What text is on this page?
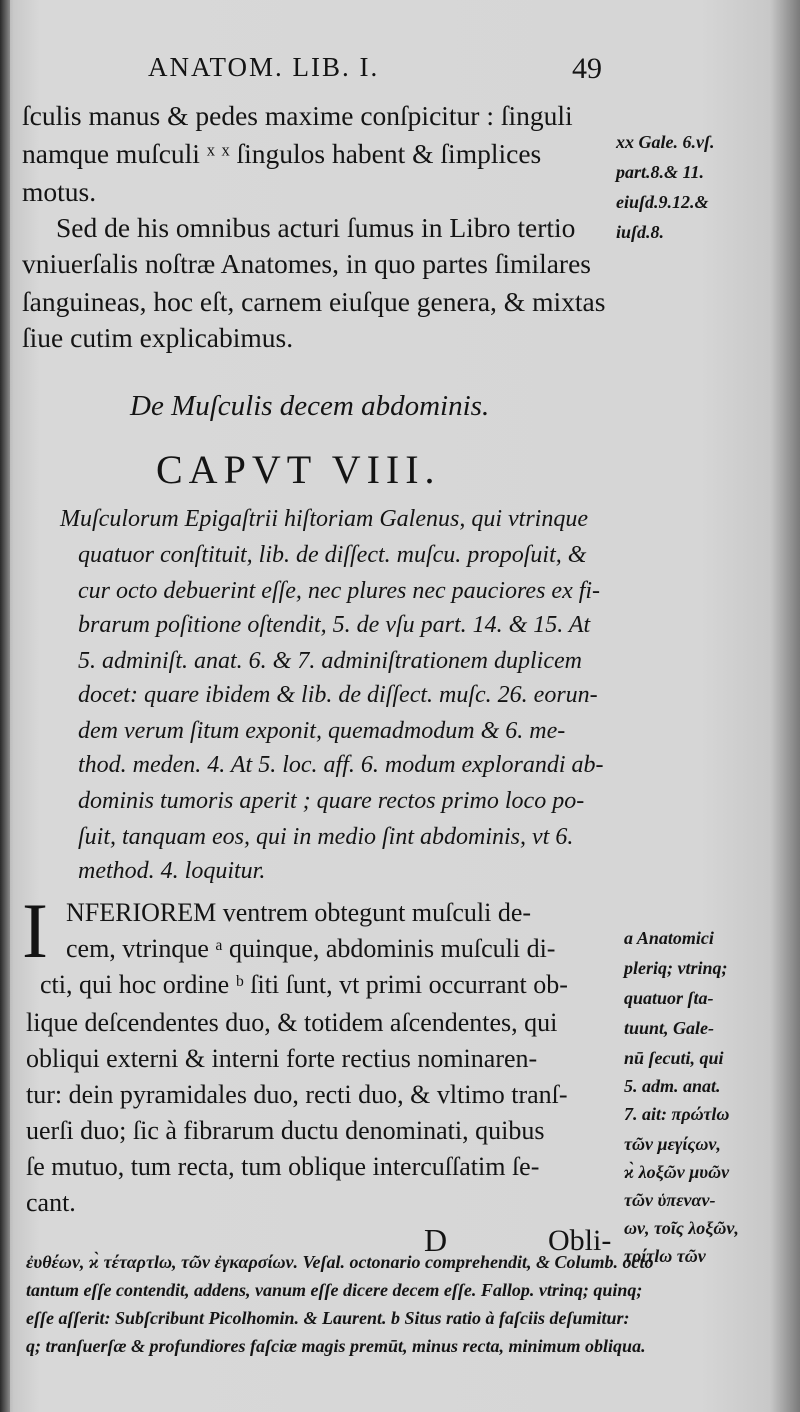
ANATOM. LIB. I.	49
ſculis manus & pedes maxime conſpicitur : ſinguli
namque muſculi ˣ ˣ ſingulos habent & ſimplices
motus.
Sed de his omnibus acturi ſumus in Libro tertio
vniuerſalis noſtræ Anatomes, in quo partes ſimilares
ſanguineas, hoc eſt, carnem eiuſque genera, & mixtas
ſiue cutim explicabimus.
xx Gale. 6.vſ.
part.8.& 11.
eiuſd.9.12.&
iuſd.8.
De Muſculis decem abdominis.
CAPVT VIII.
Muſculorum Epigaſtrii hiſtoriam Galenus, qui vtrinque
quatuor conſtituit, lib. de diſſect. muſcu. propoſuit, &
cur octo debuerint eſſe, nec plures nec pauciores ex fi-
brarum poſitione oſtendit, 5. de vſu part. 14. & 15. At
5. adminiſt. anat. 6. & 7. adminiſtrationem duplicem
docet: quare ibidem & lib. de diſſect. muſc. 26. eorun-
dem verum ſitum exponit, quemadmodum & 6. me-
thod. meden. 4. At 5. loc. aff. 6. modum explorandi ab-
dominis tumoris aperit ; quare rectos primo loco po-
ſuit, tanquam eos, qui in medio ſint abdominis, vt 6.
method. 4. loquitur.
I NFERIOREM ventrem obtegunt muſculi de-
cem, vtrinque ᵃ quinque, abdominis muſculi di-
cti, qui hoc ordine ᵇ ſiti ſunt, vt primi occurrant ob-
lique deſcendentes duo, & totidem aſcendentes, qui
obliqui externi & interni forte rectius nominaren-
tur: dein pyramidales duo, recti duo, & vltimo tranſ-
uerſi duo; ſic à fibrarum ductu denominati, quibus
ſe mutuo, tum recta, tum oblique intercuſſatim ſe-
cant.
a Anatomici
pleriq; vtrinq;
quatuor ſta-
tuunt, Gale-
nū ſecuti, qui
5. adm. anat.
7. ait: πρώτlω
τῶν μεγίςων,
ϰ̀ λοξῶν μυῶν
τῶν ὑπεναν-
ων, τοῖς λοξῶν,
τρίτlω τῶν
D	Obli-
ἐυθέων, ϰ̀ τέταρτlω, τῶν ἐγκαρσίων. Veſal. octonario comprehendit, & Columb. octo
tantum eſſe contendit, addens, vanum eſſe dicere decem eſſe. Fallop. vtrinq; quinq;
eſſe aſſerit: Subſcribunt Picolhomin. & Laurent. b Situs ratio à faſciis deſumitur:
q; tranſuerſæ & profundiores faſciæ magis premūt, minus recta, minimum obliqua.
